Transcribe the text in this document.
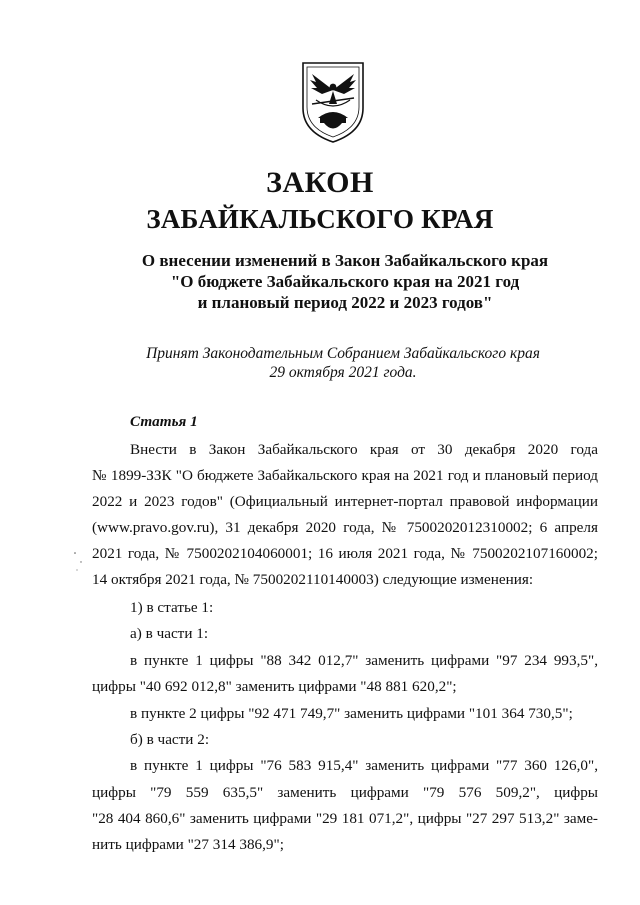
ЗАКОН
ЗАБАЙКАЛЬСКОГО КРАЯ
О внесении изменений в Закон Забайкальского края
"О бюджете Забайкальского края на 2021 год
и плановый период 2022 и 2023 годов"
Принят Законодательным Собранием Забайкальского края
29 октября 2021 года.
Статья 1
Внести в Закон Забайкальского края от 30 декабря 2020 года
№ 1899-ЗЗК "О бюджете Забайкальского края на 2021 год и плановый период
2022 и 2023 годов" (Официальный интернет-портал правовой информации
(www.pravo.gov.ru), 31 декабря 2020 года, № 7500202012310002; 6 апреля
2021 года, № 7500202104060001; 16 июля 2021 года, № 7500202107160002;
14 октября 2021 года, № 7500202110140003) следующие изменения:
1) в статье 1:
а) в части 1:
в пункте 1 цифры "88 342 012,7" заменить цифрами "97 234 993,5",
цифры "40 692 012,8" заменить цифрами "48 881 620,2";
в пункте 2 цифры "92 471 749,7" заменить цифрами "101 364 730,5";
б) в части 2:
в пункте 1 цифры "76 583 915,4" заменить цифрами "77 360 126,0",
цифры "79 559 635,5" заменить цифрами "79 576 509,2", цифры
"28 404 860,6" заменить цифрами "29 181 071,2", цифры "27 297 513,2" заме-
нить цифрами "27 314 386,9";
